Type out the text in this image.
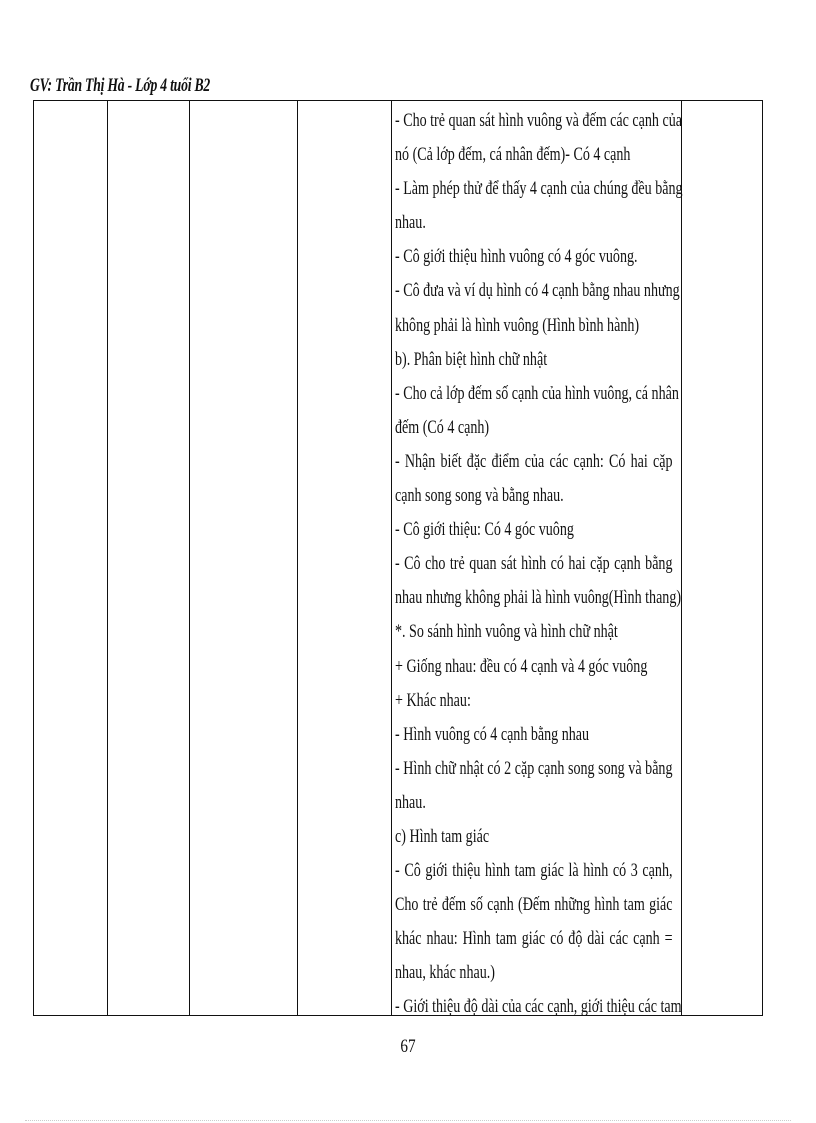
GV: Trần Thị Hà - Lớp 4 tuổi B2
- Cho trẻ quan sát hình vuông và đếm các cạnh của
nó (Cả lớp đếm, cá nhân đếm)- Có 4 cạnh
- Làm phép thử để thấy 4 cạnh của chúng đều bằng
nhau.
- Cô giới thiệu hình vuông có 4 góc vuông.
- Cô đưa và ví dụ hình có 4 cạnh bằng nhau nhưng
không phải là hình vuông (Hình bình hành)
b). Phân biệt hình chữ nhật
- Cho cả lớp đếm số cạnh của hình vuông, cá nhân
đếm (Có 4 cạnh)
- Nhận biết đặc điểm của các cạnh: Có hai cặp
cạnh song song và bằng nhau.
- Cô giới thiệu: Có 4 góc vuông
- Cô cho trẻ quan sát hình có hai cặp cạnh bằng
nhau nhưng không phải là hình vuông(Hình thang)
*. So sánh hình vuông và hình chữ nhật
+ Giống nhau: đều có 4 cạnh và 4 góc vuông
+ Khác nhau:
- Hình vuông có 4 cạnh bằng nhau
- Hình chữ nhật có 2 cặp cạnh song song và bằng
nhau.
c) Hình tam giác
- Cô giới thiệu hình tam giác là hình có 3 cạnh,
Cho trẻ đếm số cạnh (Đếm những hình tam giác
khác nhau: Hình tam giác có độ dài các cạnh =
nhau, khác nhau.)
- Giới thiệu độ dài của các cạnh, giới thiệu các tam
67
